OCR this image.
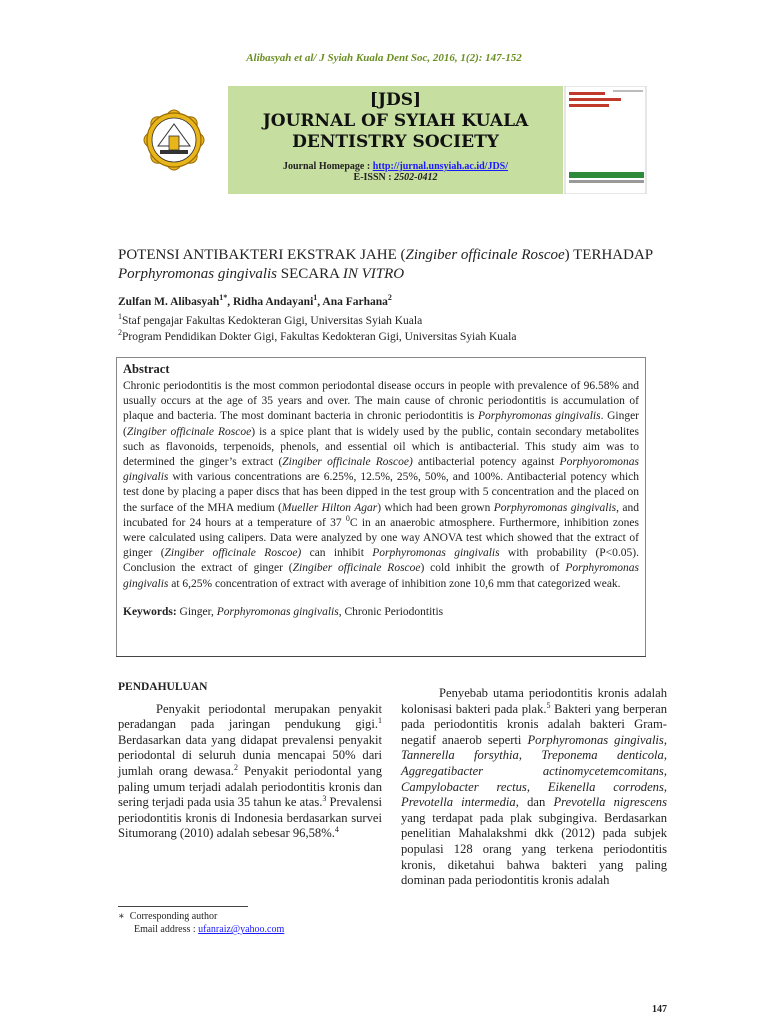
Alibasyah et al/ J Syiah Kuala Dent Soc, 2016, 1(2): 147-152
[JDS]
JOURNAL OF SYIAH KUALA
DENTISTRY SOCIETY
Journal Homepage : http://jurnal.unsyiah.ac.id/JDS/
E-ISSN : 2502-0412
POTENSI ANTIBAKTERI EKSTRAK JAHE (Zingiber officinale Roscoe) TERHADAP
Porphyromonas gingivalis SECARA IN VITRO
Zulfan M. Alibasyah$^{1*}$, Ridha Andayani$^1$, Ana Farhana$^2$
$^1$Staf pengajar Fakultas Kedokteran Gigi, Universitas Syiah Kuala
$^2$Program Pendidikan Dokter Gigi, Fakultas Kedokteran Gigi, Universitas Syiah Kuala
Abstract
Chronic periodontitis is the most common periodontal disease occurs in people with prevalence of 96.58% and usually occurs at the age of 35 years and over. The main cause of chronic periodontitis is accumulation of plaque and bacteria. The most dominant bacteria in chronic periodontitis is Porphyromonas gingivalis. Ginger (Zingiber officinale Roscoe) is a spice plant that is widely used by the public, contain secondary metabolites such as flavonoids, terpenoids, phenols, and essential oil which is antibacterial. This study aim was to determined the ginger’s extract (Zingiber officinale Roscoe) antibacterial potency against Porphyoromonas gingivalis with various concentrations are 6.25%, 12.5%, 25%, 50%, and 100%. Antibacterial potency which test done by placing a paper discs that has been dipped in the test group with 5 concentration and the placed on the surface of the MHA medium (Mueller Hilton Agar) which had been grown Porphyromonas gingivalis, and incubated for 24 hours at a temperature of 37 $^0$C in an anaerobic atmosphere. Furthermore, inhibition zones were calculated using calipers. Data were analyzed by one way ANOVA test which showed that the extract of ginger (Zingiber officinale Roscoe) can inhibit Porphyromonas gingivalis with probability (P<0.05). Conclusion the extract of ginger (Zingiber officinale Roscoe) cold inhibit the growth of Porphyromonas gingivalis at 6,25% concentration of extract with average of inhibition zone 10,6 mm that categorized weak.
Keywords: Ginger, Porphyromonas gingivalis, Chronic Periodontitis
PENDAHULUAN
Penyakit periodontal merupakan penyakit peradangan pada jaringan pendukung gigi.$^1$ Berdasarkan data yang didapat prevalensi penyakit periodontal di seluruh dunia mencapai 50% dari jumlah orang dewasa.$^2$ Penyakit periodontal yang paling umum terjadi adalah periodontitis kronis dan sering terjadi pada usia 35 tahun ke atas.$^3$ Prevalensi periodontitis kronis di Indonesia berdasarkan survei Situmorang (2010) adalah sebesar 96,58%.$^4$
Penyebab utama periodontitis kronis adalah kolonisasi bakteri pada plak.$^5$ Bakteri yang berperan pada periodontitis kronis adalah bakteri Gram-negatif anaerob seperti Porphyromonas gingivalis, Tannerella forsythia, Treponema denticola, Aggregatibacter actinomycetemcomitans, Campylobacter rectus, Eikenella corrodens, Prevotella intermedia, dan Prevotella nigrescens yang terdapat pada plak subgingiva. Berdasarkan penelitian Mahalakshmi dkk (2012) pada subjek populasi 128 orang yang terkena periodontitis kronis, diketahui bahwa bakteri yang paling dominan pada periodontitis kronis adalah
∗ Corresponding author
Email address : ufanraiz@yahoo.com
147
